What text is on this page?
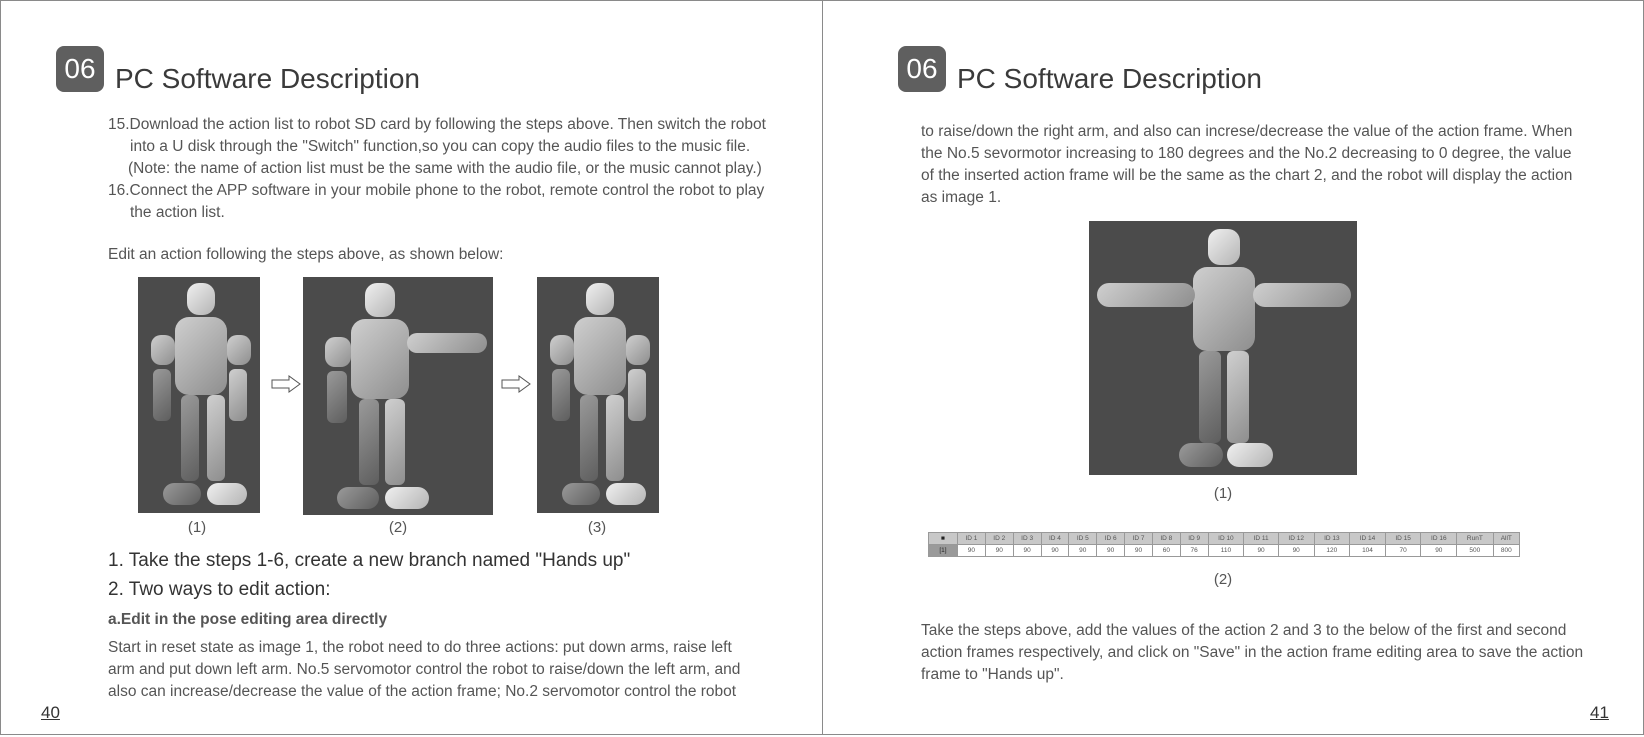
06 PC Software Description

15.Download the action list to robot SD card by following the steps above. Then switch the robot

into a U disk through the "Switch" function,so you can copy the audio files to the music file.

(Note: the name of action list must be the same with the audio file, or the music cannot play.)

16.Connect the APP software in your mobile phone to the robot, remote control the robot to play

the action list.

Edit an action following the steps above, as shown below:
(1)	(2)	(3)
1. Take the steps 1-6, create a new branch named "Hands up"
2. Two ways to edit action:
a.Edit in the pose editing area directly

Start in reset state as image 1, the robot need to do three actions: put down arms, raise left

arm and put down left arm. No.5 servomotor control the robot to raise/down the left arm, and

also can increase/decrease the value of the action frame; No.2 servomotor control the robot

40
06 PC Software Description

to raise/down the right arm, and also can increse/decrease the value of the action frame. When

the No.5 sevormotor increasing to 180 degrees and the No.2 decreasing to 0 degree, the value

of the inserted action frame will be the same as the chart 2, and the robot will display the action

as image 1.

(1)
■	ID 1	ID 2	ID 3	ID 4	ID 5	ID 6	ID 7	ID 8	ID 9	ID 10	ID 11	ID 12	ID 13	ID 14	ID 15	ID 16	RunT	AllT
[1]	90	90	90	90	90	90	90	60	76	110	90	90	120	104	70	90	500	800
(2)

Take the steps above, add the values of the action 2 and 3 to the below of the first and second

action frames respectively, and click on "Save" in the action frame editing area to save the action

frame to "Hands up".

41
